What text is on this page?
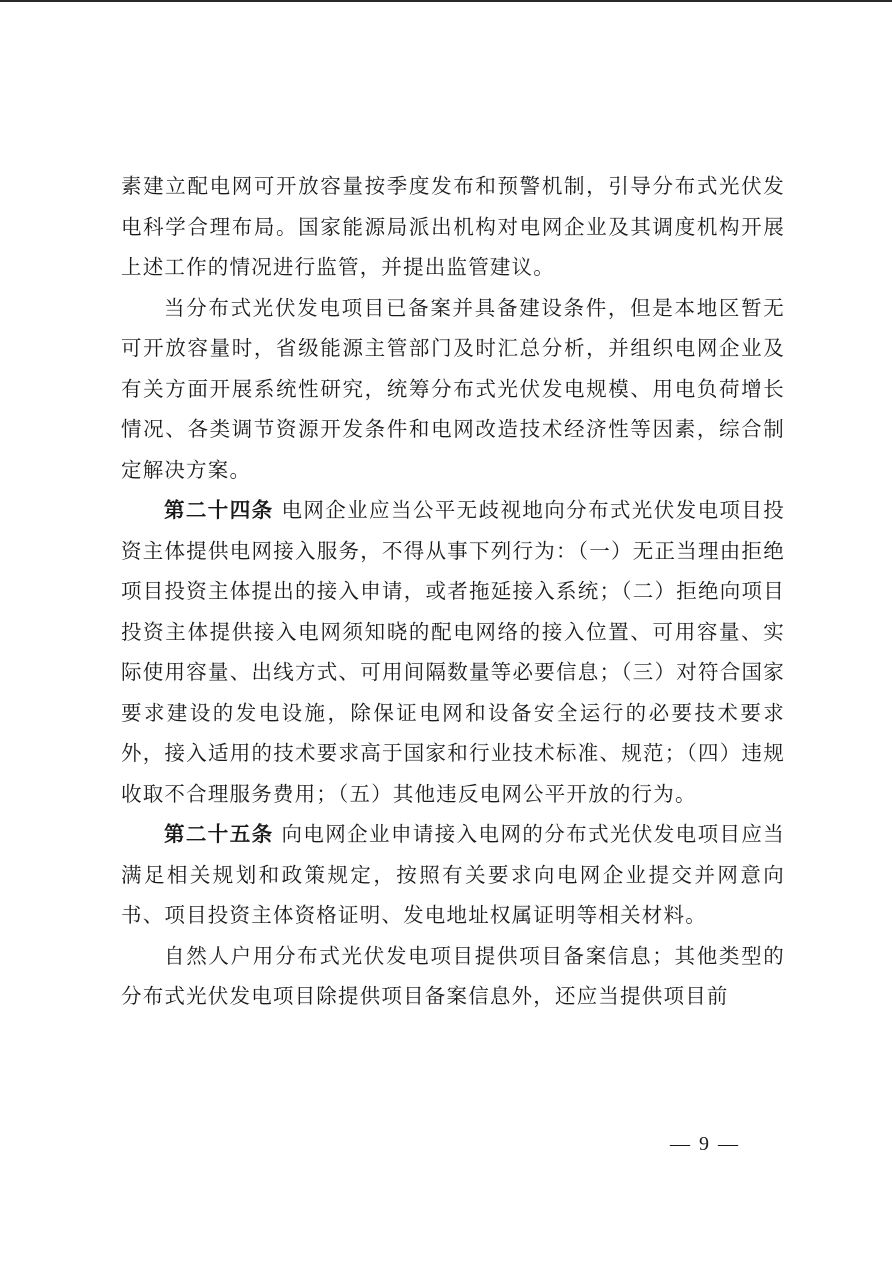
素建立配电网可开放容量按季度发布和预警机制，引导分布式光伏发电科学合理布局。国家能源局派出机构对电网企业及其调度机构开展上述工作的情况进行监管，并提出监管建议。

当分布式光伏发电项目已备案并具备建设条件，但是本地区暂无可开放容量时，省级能源主管部门及时汇总分析，并组织电网企业及有关方面开展系统性研究，统筹分布式光伏发电规模、用电负荷增长情况、各类调节资源开发条件和电网改造技术经济性等因素，综合制定解决方案。

第二十四条 电网企业应当公平无歧视地向分布式光伏发电项目投资主体提供电网接入服务，不得从事下列行为：（一）无正当理由拒绝项目投资主体提出的接入申请，或者拖延接入系统；（二）拒绝向项目投资主体提供接入电网须知晓的配电网络的接入位置、可用容量、实际使用容量、出线方式、可用间隔数量等必要信息；（三）对符合国家要求建设的发电设施，除保证电网和设备安全运行的必要技术要求外，接入适用的技术要求高于国家和行业技术标准、规范；（四）违规收取不合理服务费用；（五）其他违反电网公平开放的行为。

第二十五条 向电网企业申请接入电网的分布式光伏发电项目应当满足相关规划和政策规定，按照有关要求向电网企业提交并网意向书、项目投资主体资格证明、发电地址权属证明等相关材料。

自然人户用分布式光伏发电项目提供项目备案信息；其他类型的分布式光伏发电项目除提供项目备案信息外，还应当提供项目前

— 9 —
